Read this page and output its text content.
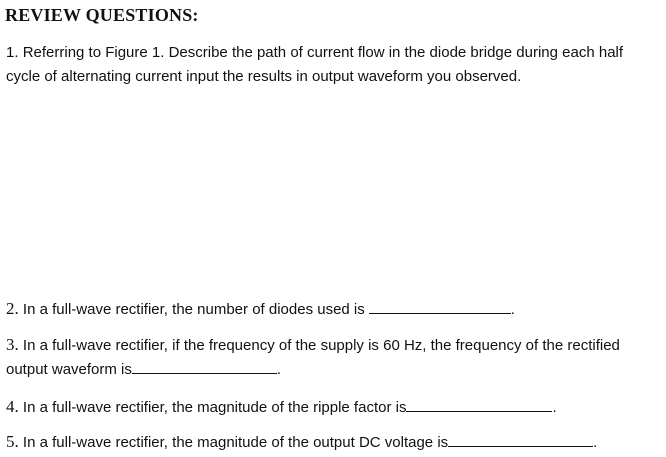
REVIEW QUESTIONS:
1. Referring to Figure 1. Describe the path of current flow in the diode bridge during each half
cycle of alternating current input the results in output waveform you observed.
2. In a full-wave rectifier, the number of diodes used is	.
3. In a full-wave rectifier, if the frequency of the supply is 60 Hz, the frequency of the rectified
output waveform is	.
4. In a full-wave rectifier, the magnitude of the ripple factor is	.
5. In a full-wave rectifier, the magnitude of the output DC voltage is	.
